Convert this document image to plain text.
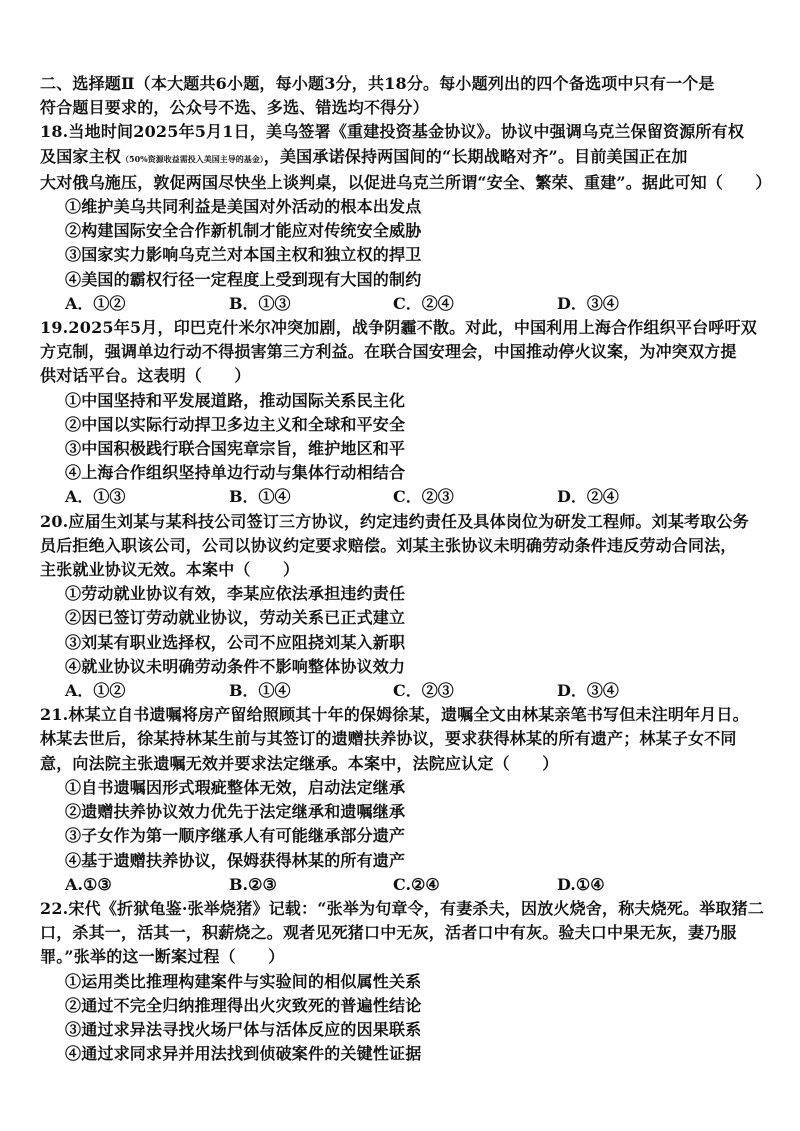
二、选择题Ⅱ（本大题共6小题，每小题3分，共18分。每小题列出的四个备选项中只有一个是
符合题目要求的，公众号不选、多选、错选均不得分）
18.当地时间2025年5月1日，美乌签署《重建投资基金协议》。协议中强调乌克兰保留资源所有权
及国家主权（50%资源收益需投入美国主导的基金），美国承诺保持两国间的“长期战略对齐”。目前美国正在加
大对俄乌施压，敦促两国尽快坐上谈判桌，以促进乌克兰所谓“安全、繁荣、重建”。据此可知（　　）
①维护美乌共同利益是美国对外活动的根本出发点
②构建国际安全合作新机制才能应对传统安全威胁
③国家实力影响乌克兰对本国主权和独立权的捍卫
④美国的霸权行径一定程度上受到现有大国的制约
A．①②	B．①③	C．②④	D．③④
19.2025年5月，印巴克什米尔冲突加剧，战争阴霾不散。对此，中国利用上海合作组织平台呼吁双
方克制，强调单边行动不得损害第三方利益。在联合国安理会，中国推动停火议案，为冲突双方提
供对话平台。这表明（　　）
①中国坚持和平发展道路，推动国际关系民主化
②中国以实际行动捍卫多边主义和全球和平安全
③中国积极践行联合国宪章宗旨，维护地区和平
④上海合作组织坚持单边行动与集体行动相结合
A．①③	B．①④	C．②③	D．②④
20.应届生刘某与某科技公司签订三方协议，约定违约责任及具体岗位为研发工程师。刘某考取公务
员后拒绝入职该公司，公司以协议约定要求赔偿。刘某主张协议未明确劳动条件违反劳动合同法，
主张就业协议无效。本案中（　　）
①劳动就业协议有效，李某应依法承担违约责任
②因已签订劳动就业协议，劳动关系已正式建立
③刘某有职业选择权，公司不应阻挠刘某入新职
④就业协议未明确劳动条件不影响整体协议效力
A．①②	B．①④	C．②③	D．③④
21.林某立自书遗嘱将房产留给照顾其十年的保姆徐某，遗嘱全文由林某亲笔书写但未注明年月日。
林某去世后，徐某持林某生前与其签订的遗赠扶养协议，要求获得林某的所有遗产；林某子女不同
意，向法院主张遗嘱无效并要求法定继承。本案中，法院应认定（　　）
①自书遗嘱因形式瑕疵整体无效，启动法定继承
②遗赠扶养协议效力优先于法定继承和遗嘱继承
③子女作为第一顺序继承人有可能继承部分遗产
④基于遗赠扶养协议，保姆获得林某的所有遗产
A.①③	B.②③	C.②④	D.①④
22.宋代《折狱龟鉴·张举烧猪》记载：“张举为句章令，有妻杀夫，因放火烧舍，称夫烧死。举取猪二
口，杀其一，活其一，积薪烧之。观者见死猪口中无灰，活者口中有灰。验夫口中果无灰，妻乃服
罪。”张举的这一断案过程（　　）
①运用类比推理构建案件与实验间的相似属性关系
②通过不完全归纳推理得出火灾致死的普遍性结论
③通过求异法寻找火场尸体与活体反应的因果联系
④通过求同求异并用法找到侦破案件的关键性证据
